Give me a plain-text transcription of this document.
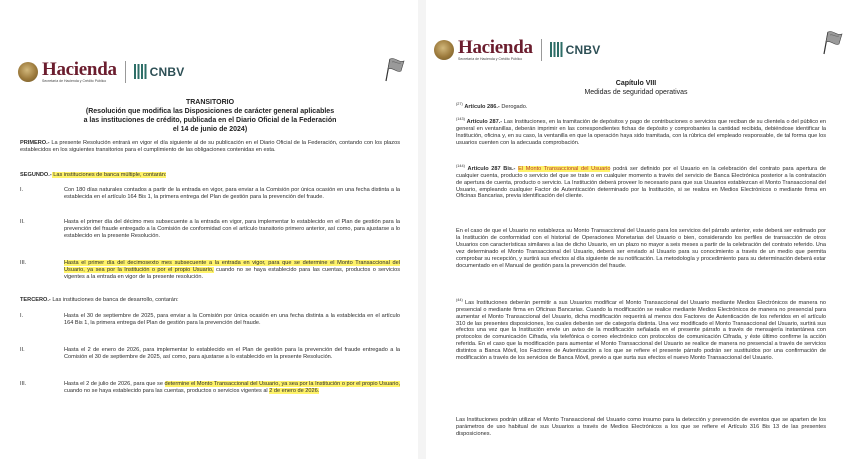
Hacienda
Secretaría de Hacienda y Crédito Público
CNBV
TRANSITORIO
(Resolución que modifica las Disposiciones de carácter general aplicables
a las instituciones de crédito, publicada en el Diario Oficial de la Federación
el 14 de junio de 2024)

PRIMERO.- La presente Resolución entrará en vigor el día siguiente al de su publicación en el Diario Oficial de la Federación, contando con los plazos establecidos en los siguientes transitorios para el cumplimiento de las obligaciones contenidas en esta.

SEGUNDO.- Las instituciones de banca múltiple, contarán:

I.	Con 180 días naturales contados a partir de la entrada en vigor, para enviar a la Comisión por única ocasión en una fecha distinta a la establecida en el artículo 164 Bis 1, la primera entrega del Plan de gestión para la prevención del fraude.

II.	Hasta el primer día del décimo mes subsecuente a la entrada en vigor, para implementar lo establecido en el Plan de gestión para la prevención del fraude entregado a la Comisión de conformidad con el artículo transitorio primero anterior, así como, para ajustarse a lo establecido en la presente Resolución.

III.	Hasta el primer día del decimosexto mes subsecuente a la entrada en vigor, para que se determine el Monto Transaccional del Usuario, ya sea por la Institución o por el propio Usuario, cuando no se haya establecido para las cuentas, productos o servicios vigentes a la entrada en vigor de la presente resolución.

TERCERO.- Las instituciones de banca de desarrollo, contarán:

I.	Hasta el 30 de septiembre de 2025, para enviar a la Comisión por única ocasión en una fecha distinta a la establecida en el artículo 164 Bis 1, la primera entrega del Plan de gestión para la prevención del fraude.

II.	Hasta el 2 de enero de 2026, para implementar lo establecido en el Plan de gestión para la prevención del fraude entregado a la Comisión el 30 de septiembre de 2025, así como, para ajustarse a lo establecido en la presente Resolución.

III.	Hasta el 2 de julio de 2026, para que se determine el Monto Transaccional del Usuario, ya sea por la Institución o por el propio Usuario, cuando no se haya establecido para las cuentas, productos o servicios vigentes al 2 de enero de 2026.

Hacienda
Secretaría de Hacienda y Crédito Público
CNBV
Capítulo VIII
Medidas de seguridad operativas

$^{(27)}$ Artículo 286.- Derogado.

$^{(143)}$ Artículo 287.- Las Instituciones, en la tramitación de depósitos y pago de contribuciones o servicios que reciban de su clientela o del público en general en ventanillas, deberán imprimir en las correspondientes fichas de depósito y comprobantes la cantidad recibida, debiéndose identificar la Institución, oficina y, en su caso, la ventanilla en que la operación haya sido tramitada, con la rúbrica del empleado responsable, de tal forma que los usuarios cuenten con la adecuada comprobación.

$^{(144)}$ Artículo 287 Bis.- El Monto Transaccional del Usuario podrá ser definido por el Usuario en la celebración del contrato para apertura de cualquier cuenta, producto o servicio del que se trate o en cualquier momento a través del servicio de Banca Electrónica posterior a la contratación de apertura de cuenta, producto o servicio. La Institución deberá proveer lo necesario para que sus Usuarios establezcan el Monto Transaccional del Usuario, empleando cualquier Factor de Autenticación determinado por la Institución, si se realiza en Medios Electrónicos o mediante firma en Oficinas Bancarias, previa identificación del cliente.

En el caso de que el Usuario no establezca su Monto Transaccional del Usuario para los servicios del párrafo anterior, este deberá ser estimado por la Institución de conformidad con el historial de Operaciones Monetarias del Usuario o bien, considerando los perfiles de transacción de otros Usuarios con características similares a las de dicho Usuario, en un plazo no mayor a seis meses a partir de la celebración del contrato referido. Una vez determinado el Monto Transaccional del Usuario, deberá ser enviado al Usuario para su conocimiento a través de un medio que permita comprobar su recepción, y surtirá sus efectos al día siguiente de su notificación. La metodología y procedimiento para su determinación deberá estar documentado en el Manual de gestión para la prevención del fraude.

$^{(44)}$ Las Instituciones deberán permitir a sus Usuarios modificar el Monto Transaccional del Usuario mediante Medios Electrónicos de manera no presencial o mediante firma en Oficinas Bancarias. Cuando la modificación se realice mediante Medios Electrónicos de manera no presencial para aumentar el Monto Transaccional del Usuario, dicha modificación requerirá al menos dos Factores de Autenticación de los referidos en el artículo 310 de las presentes disposiciones, los cuales deberán ser de categoría distinta. Una vez modificado el Monto Transaccional del Usuario, surtirá sus efectos una vez que la Institución envíe un aviso de la modificación señalada en el presente párrafo a través de mensajería instantánea con protocolos de comunicación Cifrada, vía telefónica o correo electrónico con protocolos de comunicación Cifrada, y éste último confirme la acción referida. En el caso que la modificación para aumentar el Monto Transaccional del Usuario se realice de manera no presencial a través de servicios distintos a Banca Móvil, los Factores de Autenticación a los que se refiere el presente párrafo podrán ser sustituidos por una confirmación de modificación a través de los servicios de Banca Móvil, previo a que surta sus efectos el nuevo Monto Transaccional del Usuario.

Las Instituciones podrán utilizar el Monto Transaccional del Usuario como insumo para la detección y prevención de eventos que se aparten de los parámetros de uso habitual de sus Usuarios a través de Medios Electrónicos a los que se refiere el Artículo 316 Bis 13 de las presentes disposiciones.
